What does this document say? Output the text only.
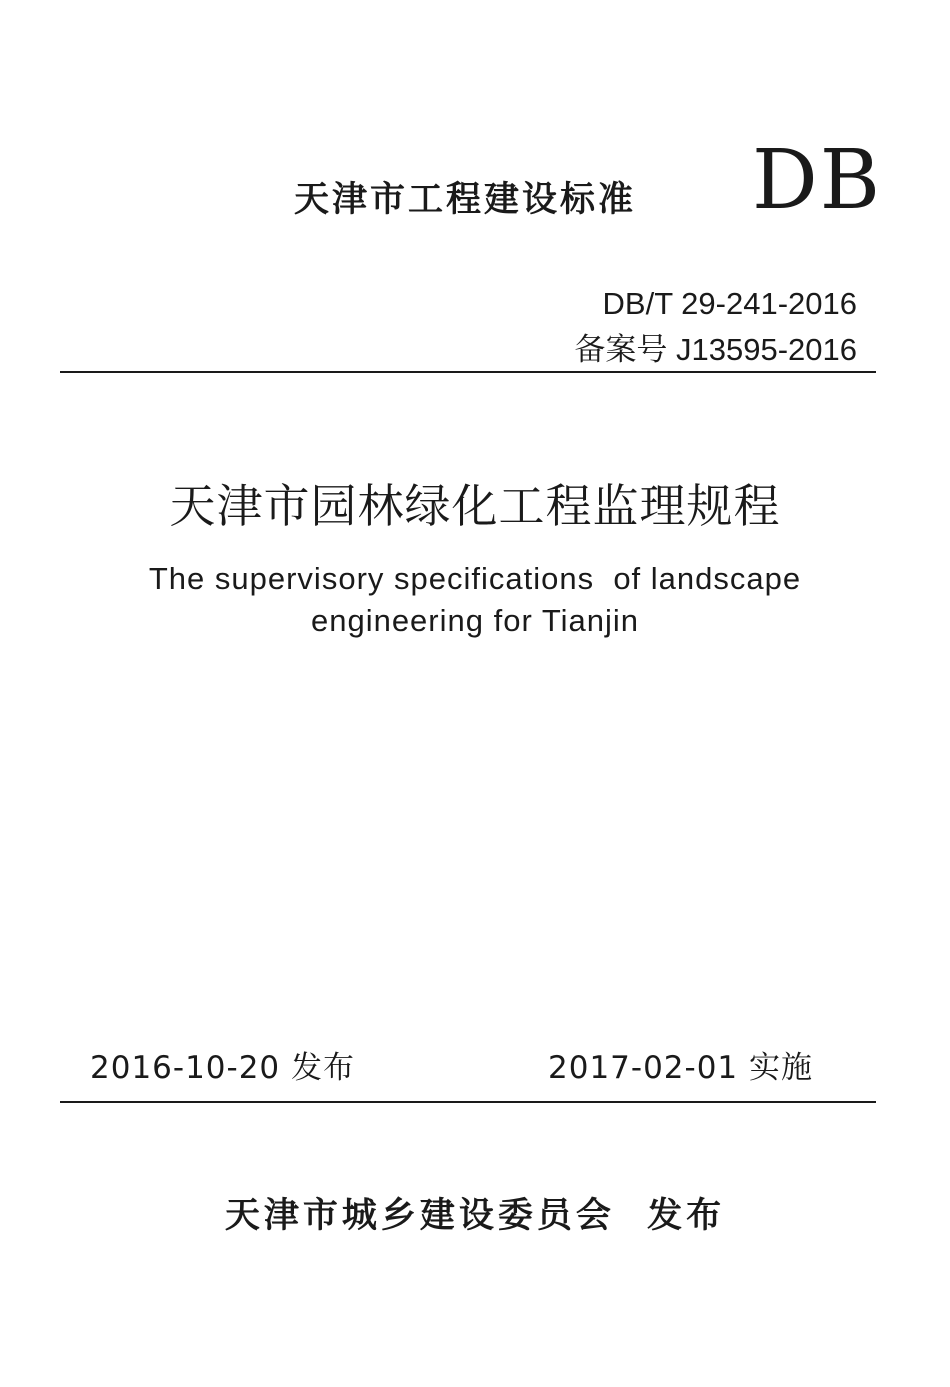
天津市工程建设标准 DB
DB/T 29-241-2016
备案号 J13595-2016
天津市园林绿化工程监理规程
The supervisory specifications  of landscape
engineering for Tianjin
2016-10-20 发布	2017-02-01 实施
天津市城乡建设委员会  发布
